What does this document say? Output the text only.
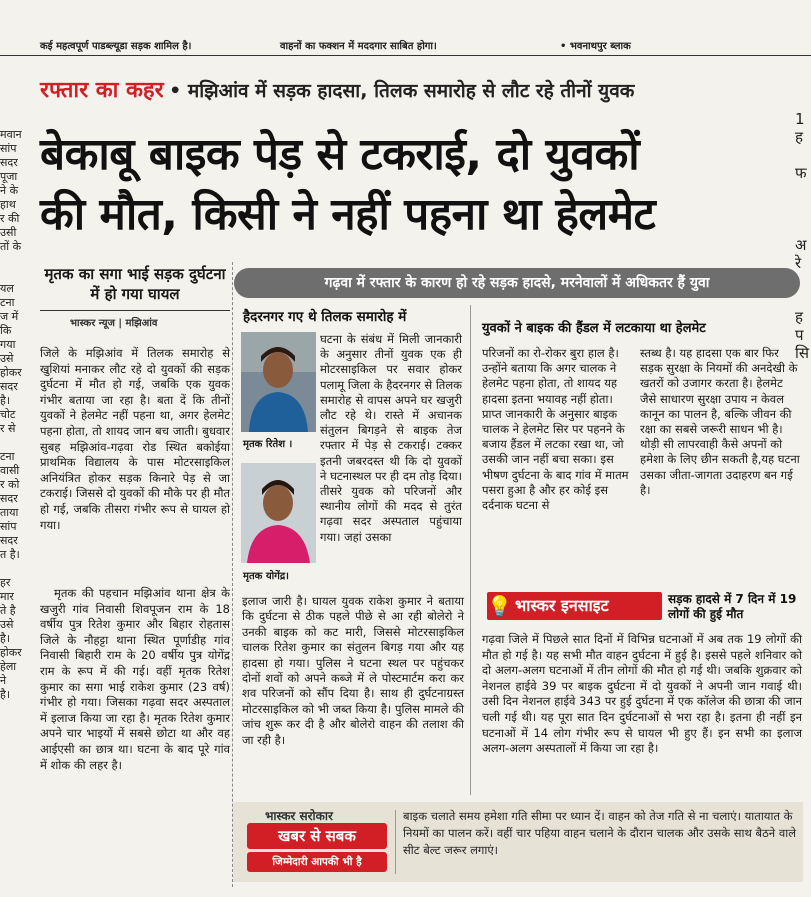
कई महत्वपूर्ण पाडब्ल्यूडा सड़क शामिल है।	वाहनों का फक्शन में मददगार साबित होगा।	• भवनाथपुर ब्लाक
मवान
सांप
सदर
पूजा
ने के
हाथ
र की
उसी
तों के

यल
टना
ज में
कि
गया
उसे
होकर
सदर
है।
चोट
र से

टना
वासी
र को
सदर
ताया
सांप
सदर
त है।

हर
मार
ते है
उसे
है।
होकर
हेला
ने
है।
1
ह

फ

अ
रे

ह
प
सि

रफ्तार का कहर • मझिआंव में सड़क हादसा, तिलक समारोह से लौट रहे तीनों युवक
बेकाबू बाइक पेड़ से टकराई, दो युवकों
की मौत, किसी ने नहीं पहना था हेलमेट
मृतक का सगा भाई सड़क दुर्घटना में हो गया घायल
भास्कर न्यूज | मझिआंव
जिले के मझिआंव में तिलक समारोह से खुशियां मनाकर लौट रहे दो युवकों की सड़क दुर्घटना में मौत हो गई, जबकि एक युवक गंभीर बताया जा रहा है। बता दें कि तीनों युवकों ने हेलमेट नहीं पहना था, अगर हेलमेट पहना होता, तो शायद जान बच जाती। बुधवार सुबह मझिआंव-गढ़वा रोड स्थित बकोईया प्राथमिक विद्यालय के पास मोटरसाइकिल अनियंत्रित होकर सड़क किनारे पेड़ से जा टकराई। जिससे दो युवकों की मौके पर ही मौत हो गई, जबकि तीसरा गंभीर रूप से घायल हो गया।
मृतक की पहचान मझिआंव थाना क्षेत्र के खजुरी गांव निवासी शिवपूजन राम के 18 वर्षीय पुत्र रितेश कुमार और बिहार रोहतास जिले के नौहट्टा थाना स्थित पूर्णाडीह गांव निवासी बिहारी राम के 20 वर्षीय पुत्र योगेंद्र राम के रूप में की गई। वहीं मृतक रितेश कुमार का सगा भाई राकेश कुमार (23 वर्ष) गंभीर हो गया। जिसका गढ़वा सदर अस्पताल में इलाज किया जा रहा है। मृतक रितेश कुमार अपने चार भाइयों में सबसे छोटा था और वह आईएसी का छात्र था। घटना के बाद पूरे गांव में शोक की लहर है।
गढ़वा में रफ्तार के कारण हो रहे सड़क हादसे, मरनेवालों में अधिकतर हैं युवा
हैदरनगर गए थे तिलक समारोह में
मृतक रितेश ।
मृतक योगेंद्र।
घटना के संबंध में मिली जानकारी के अनुसार तीनों युवक एक ही मोटरसाइकिल पर सवार होकर पलामू जिला के हैदरनगर से तिलक समारोह से वापस अपने घर खजुरी लौट रहे थे। रास्ते में अचानक संतुलन बिगड़ने से बाइक तेज रफ्तार में पेड़ से टकराई। टक्कर इतनी जबरदस्त थी कि दो युवकों ने घटनास्थल पर ही दम तोड़ दिया। तीसरे युवक को परिजनों और स्थानीय लोगों की मदद से तुरंत गढ़वा सदर अस्पताल पहुंचाया गया। जहां उसका
इलाज जारी है। घायल युवक राकेश कुमार ने बताया कि दुर्घटना से ठीक पहले पीछे से आ रही बोलेरो ने उनकी बाइक को कट मारी, जिससे मोटरसाइकिल चालक रितेश कुमार का संतुलन बिगड़ गया और यह हादसा हो गया। पुलिस ने घटना स्थल पर पहुंचकर दोनों शवों को अपने कब्जे में ले पोस्टमार्टम करा कर शव परिजनों को सौंप दिया है। साथ ही दुर्घटनाग्रस्त मोटरसाइकिल को भी जब्त किया है। पुलिस मामले की जांच शुरू कर दी है और बोलेरो वाहन की तलाश की जा रही है।
युवकों ने बाइक की हैंडल में लटकाया था हेलमेट
परिजनों का रो-रोकर बुरा हाल है। उन्होंने बताया कि अगर चालक ने हेलमेट पहना होता, तो शायद यह हादसा इतना भयावह नहीं होता। प्राप्त जानकारी के अनुसार बाइक चालक ने हेलमेट सिर पर पहनने के बजाय हैंडल में लटका रखा था, जो उसकी जान नहीं बचा सका। इस भीषण दुर्घटना के बाद गांव में मातम पसरा हुआ है और हर कोई इस दर्दनाक घटना से
स्तब्ध है। यह हादसा एक बार फिर सड़क सुरक्षा के नियमों की अनदेखी के खतरों को उजागर करता है। हेलमेट जैसे साधारण सुरक्षा उपाय न केवल कानून का पालन है, बल्कि जीवन की रक्षा का सबसे जरूरी साधन भी है। थोड़ी सी लापरवाही कैसे अपनों को हमेशा के लिए छीन सकती है,यह घटना उसका जीता-जागता उदाहरण बन गई है।
भास्कर इनसाइट
💡	सड़क हादसे में 7 दिन में 19 लोगों की हुई मौत
गढ़वा जिले में पिछले सात दिनों में विभिन्न घटनाओं में अब तक 19 लोगों की मौत हो गई है। यह सभी मौत वाहन दुर्घटना में हुई है। इससे पहले शनिवार को दो अलग-अलग घटनाओं में तीन लोगों की मौत हो गई थी। जबकि शुक्रवार को नेशनल हाईवे 39 पर बाइक दुर्घटना में दो युवकों ने अपनी जान गवाई थी। उसी दिन नेशनल हाईवे 343 पर हुई दुर्घटना में एक कॉलेज की छात्रा की जान चली गई थी। यह पूरा सात दिन दुर्घटनाओं से भरा रहा है। इतना ही नहीं इन घटनाओं में 14 लोग गंभीर रूप से घायल भी हुए हैं। इन सभी का इलाज अलग-अलग अस्पतालों में किया जा रहा है।
भास्कर सरोकार
खबर से सबक
जिम्मेदारी आपकी भी है
बाइक चलाते समय हमेशा गति सीमा पर ध्यान दें। वाहन को तेज गति से ना चलाएं। यातायात के नियमों का पालन करें। वहीं चार पहिया वाहन चलाने के दौरान चालक और उसके साथ बैठने वाले सीट बेल्ट जरूर लगाएं।
